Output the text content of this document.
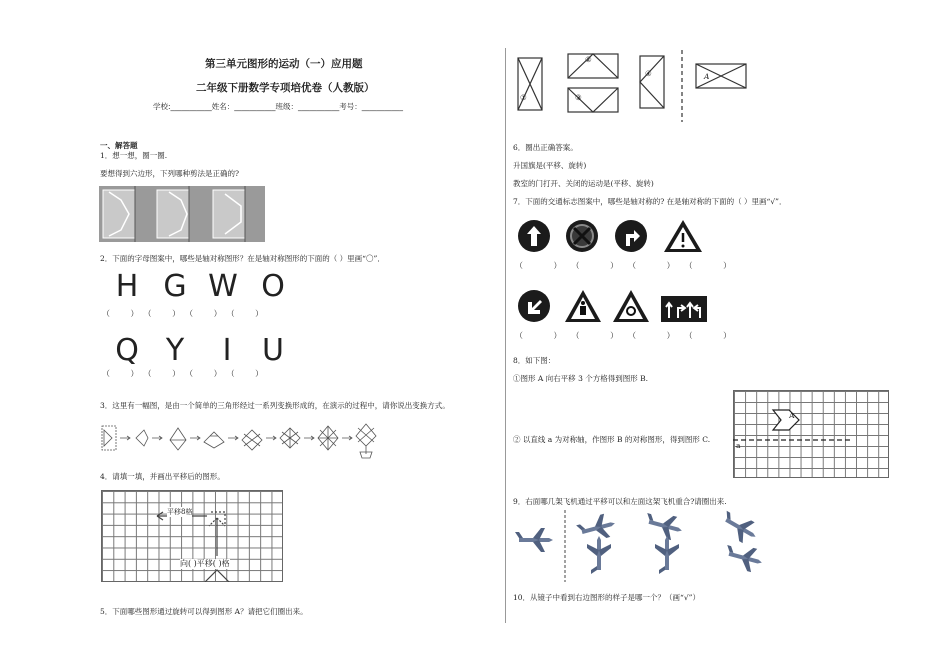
第三单元图形的运动（一）应用题
二年级下册数学专项培优卷（人教版）
学校:___________姓名：___________班级：___________考号：___________
一、解答题
1．想一想，圈一圈.
要想得到六边形，下列哪种剪法是正确的?
2．下面的字母图案中，哪些是轴对称图形？在是轴对称图形的下面的（ ）里画“〇”．
H G W O
（ ）（ ）（ ）（ ）
Q Y	I	U
（ ）（ ）（ ）（ ）
3．这里有一幅图，是由一个简单的三角形经过一系列变换形成的，在演示的过程中，请你说出变换方式。
4．请填一填，并画出平移后的图形。
平移8格
向( )平移( )格
5．下面哪些图形通过旋转可以得到图形 A？请把它们圈出来。
①
②
③
④	A
6．圈出正确答案。
升国旗是(平移、旋转)
教室的门打开、关闭的运动是(平移、旋转)
7．下面的交通标志图案中，哪些是轴对称的? 在是轴对称的下面的（ ）里画“√”．
（ ）（ ）（ ）（ ）
（ ）（ ）（ ）（ ）
8．如下图：
①图形 A 向右平移 3 个方格得到图形 B.
② 以直线 a 为对称轴，作图形 B 的对称图形，得到图形 C.
A
a
9．右面哪几架飞机通过平移可以和左面这架飞机重合?请圈出来.
10．从镜子中看到右边图形的样子是哪一个？（画“√”）
